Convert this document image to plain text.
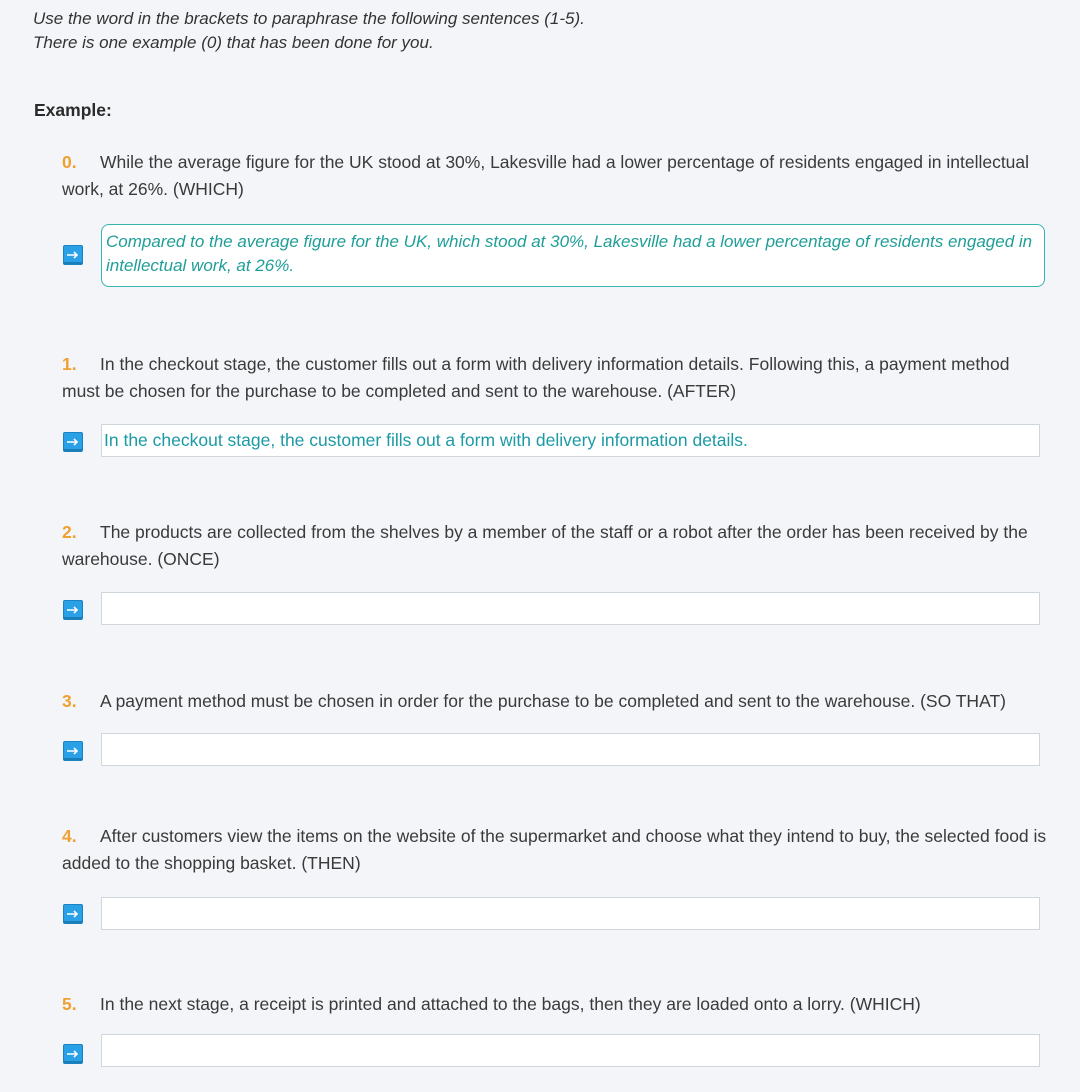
Use the word in the brackets to paraphrase the following sentences (1-5).
There is one example (0) that has been done for you.
Example:
0. While the average figure for the UK stood at 30%, Lakesville had a lower percentage of residents engaged in intellectual work, at 26%. (WHICH)
Compared to the average figure for the UK, which stood at 30%, Lakesville had a lower percentage of residents engaged in intellectual work, at 26%.
1. In the checkout stage, the customer fills out a form with delivery information details. Following this, a payment method must be chosen for the purchase to be completed and sent to the warehouse. (AFTER)
In the checkout stage, the customer fills out a form with delivery information details.
2. The products are collected from the shelves by a member of the staff or a robot after the order has been received by the warehouse. (ONCE)
3. A payment method must be chosen in order for the purchase to be completed and sent to the warehouse. (SO THAT)
4. After customers view the items on the website of the supermarket and choose what they intend to buy, the selected food is added to the shopping basket. (THEN)
5. In the next stage, a receipt is printed and attached to the bags, then they are loaded onto a lorry. (WHICH)
